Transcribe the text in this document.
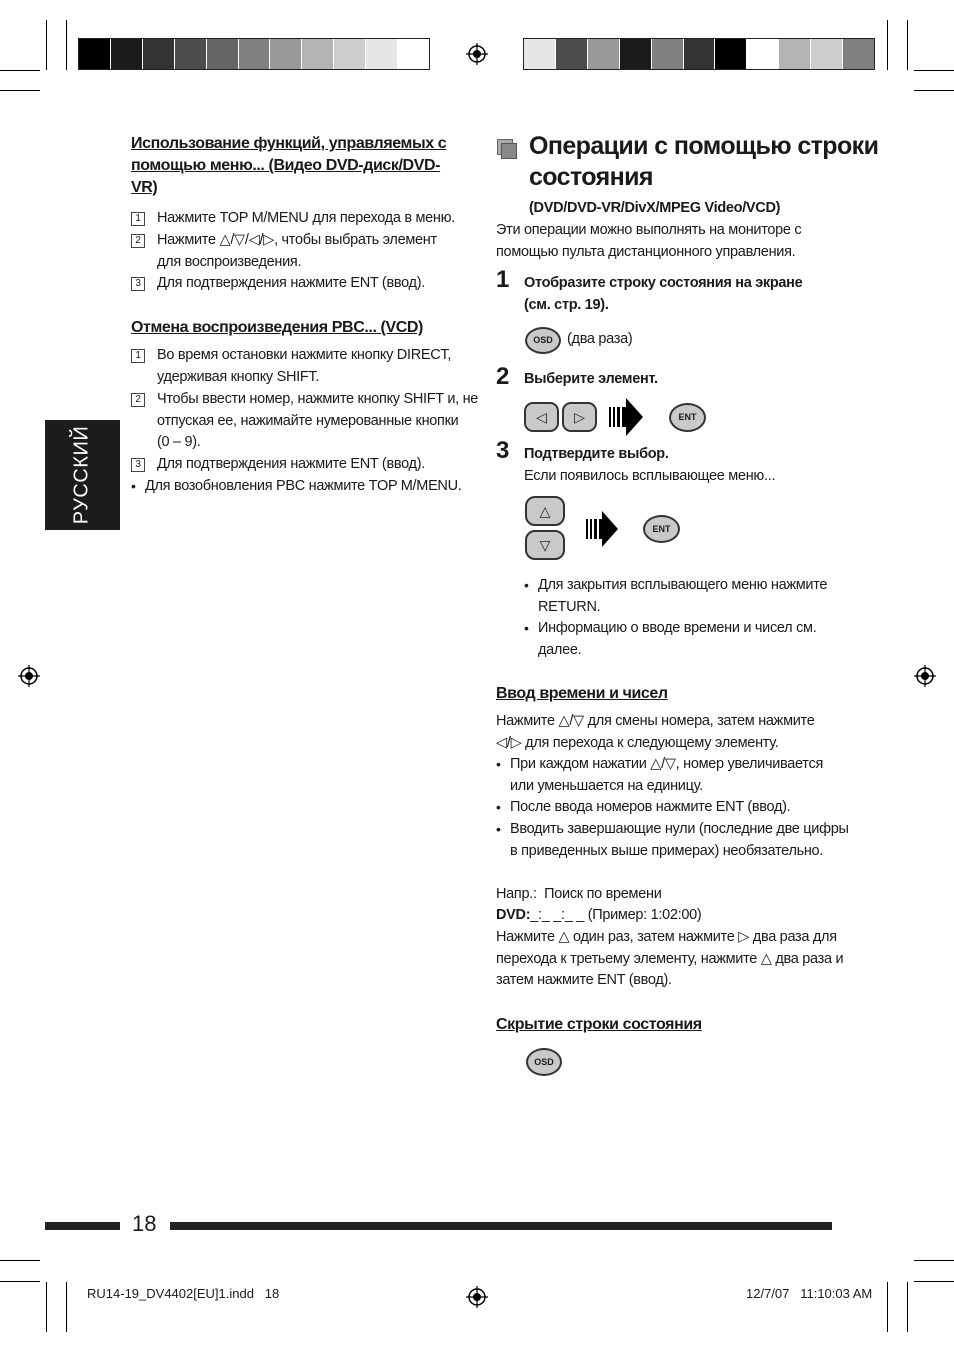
РУССКИЙ
Использование функций, управляемых с
помощью меню... (Видео DVD-диск/DVD-
VR)
1	Нажмите TOP M/MENU для перехода в меню.
2	Нажмите △/▽/◁/▷, чтобы выбрать элемент
для воспроизведения.
3	Для подтверждения нажмите ENT (ввод).
Отмена воспроизведения PBC... (VCD)
1	Во время остановки нажмите кнопку DIRECT,
удерживая кнопку SHIFT.
2	Чтобы ввести номер, нажмите кнопку SHIFT и, не
отпуская ее, нажимайте нумерованные кнопки
(0 – 9).
3	Для подтверждения нажмите ENT (ввод).
• Для возобновления PBC нажмите TOP M/MENU.
Операции с помощью строки
состояния
(DVD/DVD-VR/DivX/MPEG Video/VCD)
Эти операции можно выполнять на мониторе с
помощью пульта дистанционного управления.
1 Отобразите строку состояния на экране
(см. стр. 19).
OSD (два раза)
2 Выберите элемент.
◁	▷	ENT
3 Подтвердите выбор.
Если появилось всплывающее меню...
△
▽
ENT
• Для закрытия всплывающего меню нажмите
RETURN.
• Информацию о вводе времени и чисел см.
далее.
Ввод времени и чисел
Нажмите △/▽ для смены номера, затем нажмите
◁/▷ для перехода к следующему элементу.
• При каждом нажатии △/▽, номер увеличивается
или уменьшается на единицу.
• После ввода номеров нажмите ENT (ввод).
• Вводить завершающие нули (последние две цифры
в приведенных выше примерах) необязательно.
Напр.:  Поиск по времени
DVD:_:_ _:_ _ (Пример: 1:02:00)
Нажмите △ один раз, затем нажмите ▷ два раза для
перехода к третьему элементу, нажмите △ два раза и
затем нажмите ENT (ввод).
Скрытие строки состояния
OSD
18
RU14-19_DV4402[EU]1.indd   18	12/7/07   11:10:03 AM
